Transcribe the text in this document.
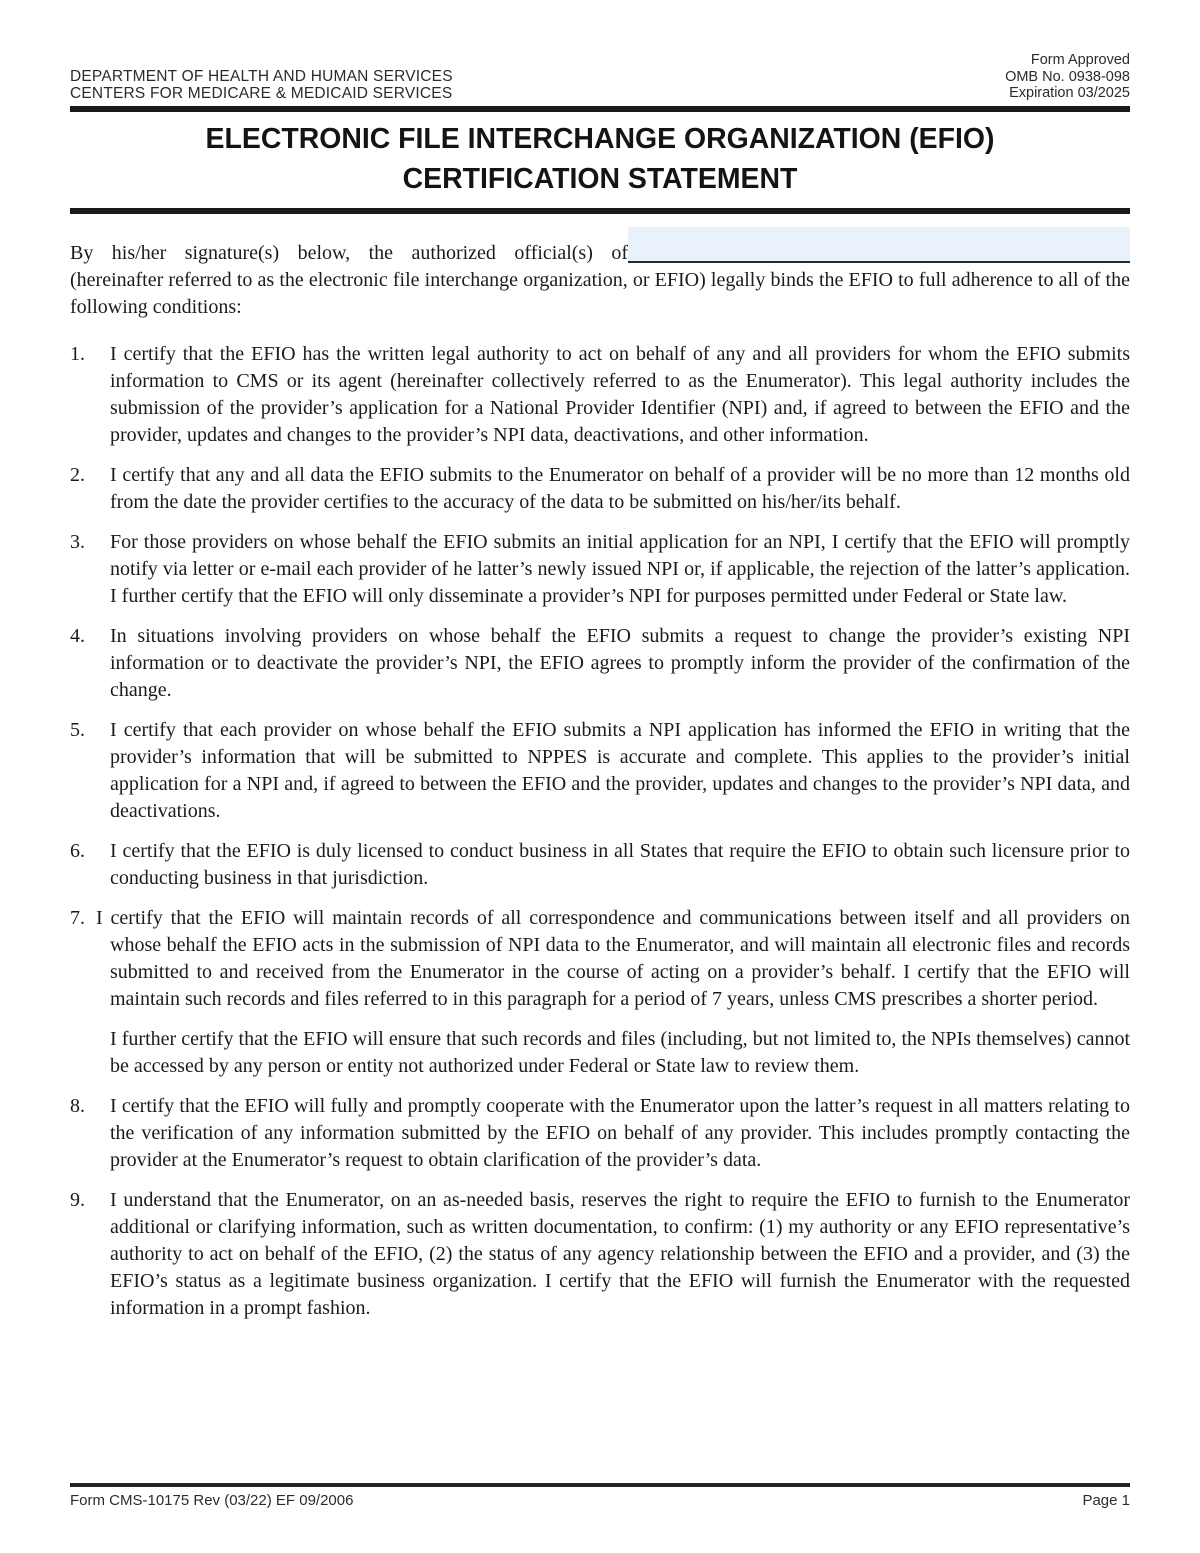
DEPARTMENT OF HEALTH AND HUMAN SERVICES
CENTERS FOR MEDICARE & MEDICAID SERVICES
Form Approved
OMB No. 0938-098
Expiration 03/2025
ELECTRONIC FILE INTERCHANGE ORGANIZATION (EFIO)
CERTIFICATION STATEMENT

By his/her signature(s) below, the authorized official(s) of (hereinafter referred to as the electronic file interchange organization, or EFIO) legally binds the EFIO to full adherence to all of the following conditions:

1. I certify that the EFIO has the written legal authority to act on behalf of any and all providers for whom the EFIO submits information to CMS or its agent (hereinafter collectively referred to as the Enumerator). This legal authority includes the submission of the provider’s application for a National Provider Identifier (NPI) and, if agreed to between the EFIO and the provider, updates and changes to the provider’s NPI data, deactivations, and other information.
2. I certify that any and all data the EFIO submits to the Enumerator on behalf of a provider will be no more than 12 months old from the date the provider certifies to the accuracy of the data to be submitted on his/her/its behalf.
3. For those providers on whose behalf the EFIO submits an initial application for an NPI, I certify that the EFIO will promptly notify via letter or e-mail each provider of he latter’s newly issued NPI or, if applicable, the rejection of the latter’s application. I further certify that the EFIO will only disseminate a provider’s NPI for purposes permitted under Federal or State law.
4. In situations involving providers on whose behalf the EFIO submits a request to change the provider’s existing NPI information or to deactivate the provider’s NPI, the EFIO agrees to promptly inform the provider of the confirmation of the change.
5. I certify that each provider on whose behalf the EFIO submits a NPI application has informed the EFIO in writing that the provider’s information that will be submitted to NPPES is accurate and complete. This applies to the provider’s initial application for a NPI and, if agreed to between the EFIO and the provider, updates and changes to the provider’s NPI data, and deactivations.
6. I certify that the EFIO is duly licensed to conduct business in all States that require the EFIO to obtain such licensure prior to conducting business in that jurisdiction.
7. I certify that the EFIO will maintain records of all correspondence and communications between itself and all providers on whose behalf the EFIO acts in the submission of NPI data to the Enumerator, and will maintain all electronic files and records submitted to and received from the Enumerator in the course of acting on a provider’s behalf. I certify that the EFIO will maintain such records and files referred to in this paragraph for a period of 7 years, unless CMS prescribes a shorter period.

I further certify that the EFIO will ensure that such records and files (including, but not limited to, the NPIs themselves) cannot be accessed by any person or entity not authorized under Federal or State law to review them.

8. I certify that the EFIO will fully and promptly cooperate with the Enumerator upon the latter’s request in all matters relating to the verification of any information submitted by the EFIO on behalf of any provider. This includes promptly contacting the provider at the Enumerator’s request to obtain clarification of the provider’s data.
9. I understand that the Enumerator, on an as-needed basis, reserves the right to require the EFIO to furnish to the Enumerator additional or clarifying information, such as written documentation, to confirm: (1) my authority or any EFIO representative’s authority to act on behalf of the EFIO, (2) the status of any agency relationship between the EFIO and a provider, and (3) the EFIO’s status as a legitimate business organization. I certify that the EFIO will furnish the Enumerator with the requested information in a prompt fashion.
Form CMS-10175 Rev (03/22) EF 09/2006	Page 1
